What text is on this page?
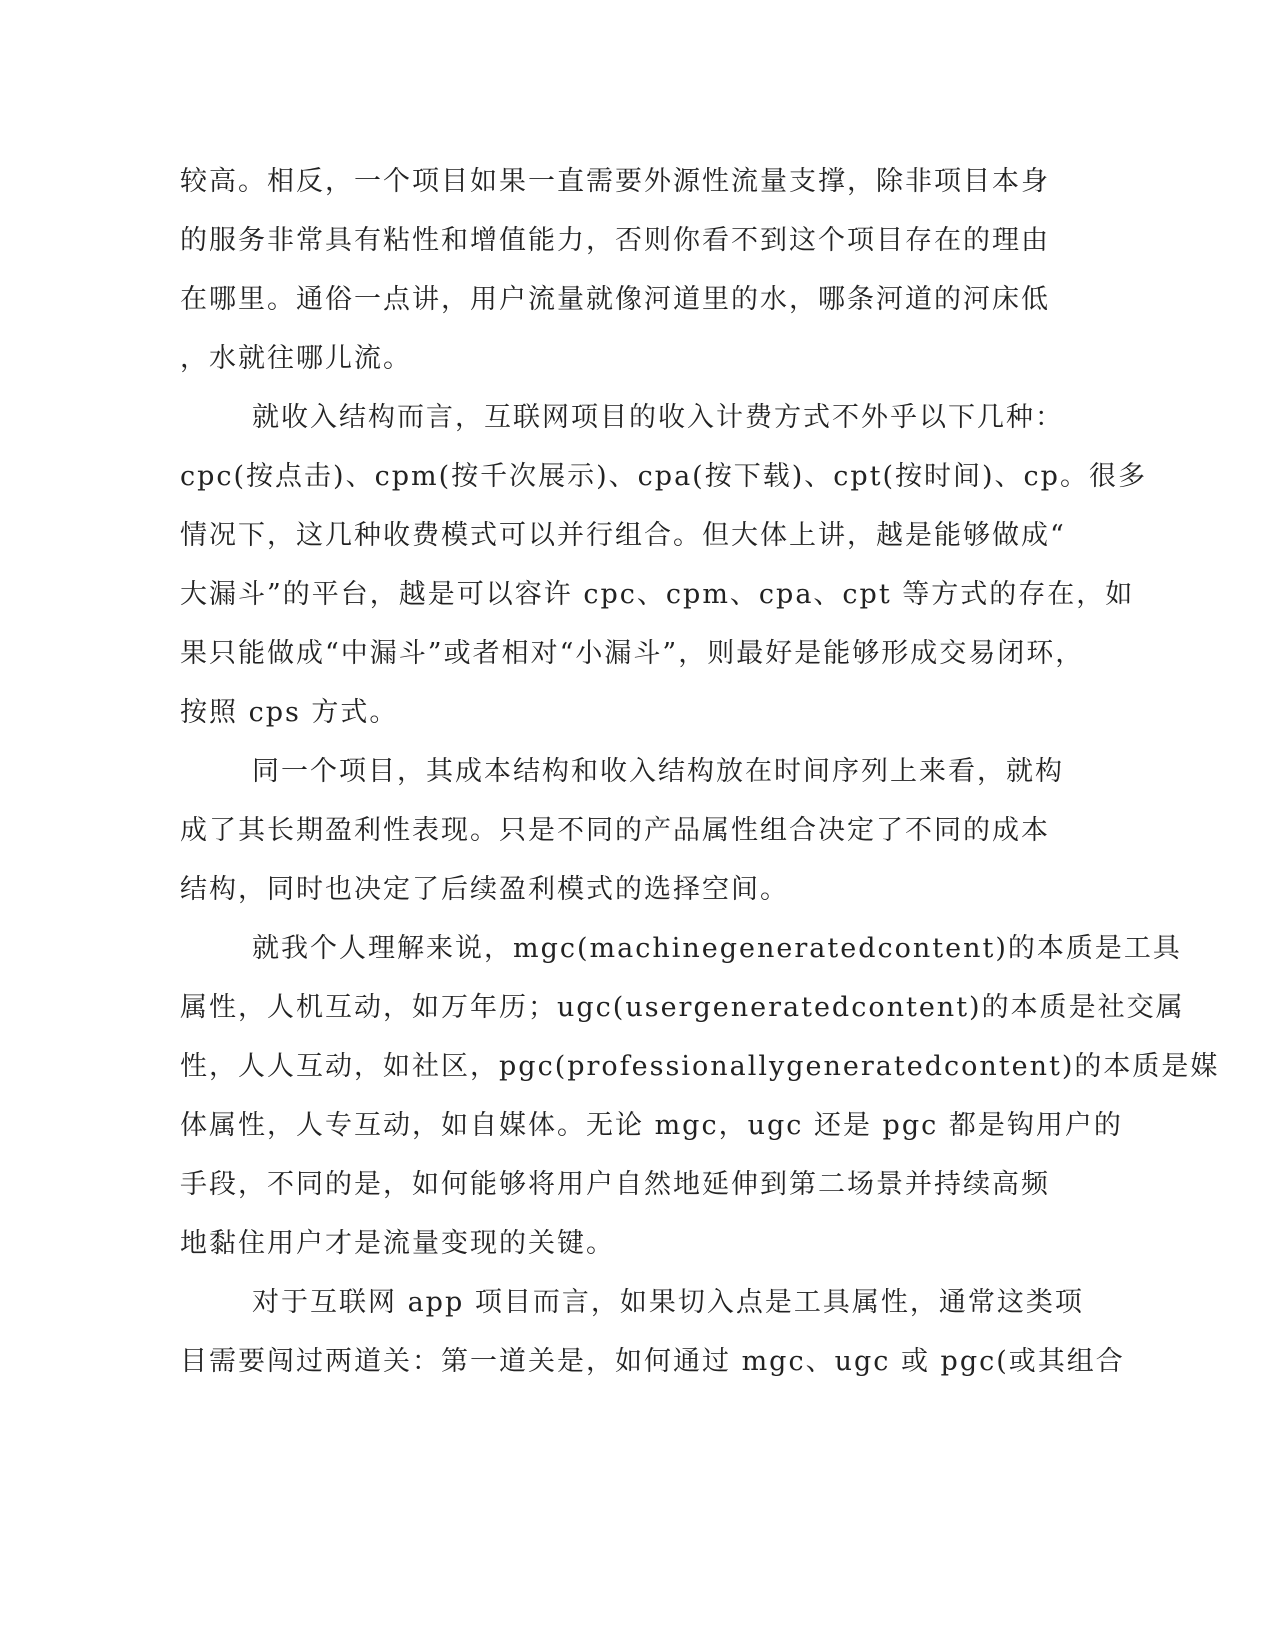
较高。相反，一个项目如果一直需要外源性流量支撑，除非项目本身
的服务非常具有粘性和增值能力，否则你看不到这个项目存在的理由
在哪里。通俗一点讲，用户流量就像河道里的水，哪条河道的河床低
，水就往哪儿流。
就收入结构而言，互联网项目的收入计费方式不外乎以下几种：
cpc(按点击)、cpm(按千次展示)、cpa(按下载)、cpt(按时间)、cp。很多
情况下，这几种收费模式可以并行组合。但大体上讲，越是能够做成“
大漏斗”的平台，越是可以容许 cpc、cpm、cpa、cpt 等方式的存在，如
果只能做成“中漏斗”或者相对“小漏斗”，则最好是能够形成交易闭环，
按照 cps 方式。
同一个项目，其成本结构和收入结构放在时间序列上来看，就构
成了其长期盈利性表现。只是不同的产品属性组合决定了不同的成本
结构，同时也决定了后续盈利模式的选择空间。
就我个人理解来说，mgc(machinegeneratedcontent)的本质是工具
属性，人机互动，如万年历；ugc(usergeneratedcontent)的本质是社交属
性，人人互动，如社区，pgc(professionallygeneratedcontent)的本质是媒
体属性，人专互动，如自媒体。无论 mgc，ugc 还是 pgc 都是钩用户的
手段，不同的是，如何能够将用户自然地延伸到第二场景并持续高频
地黏住用户才是流量变现的关键。
对于互联网 app 项目而言，如果切入点是工具属性，通常这类项
目需要闯过两道关：第一道关是，如何通过 mgc、ugc 或 pgc(或其组合
